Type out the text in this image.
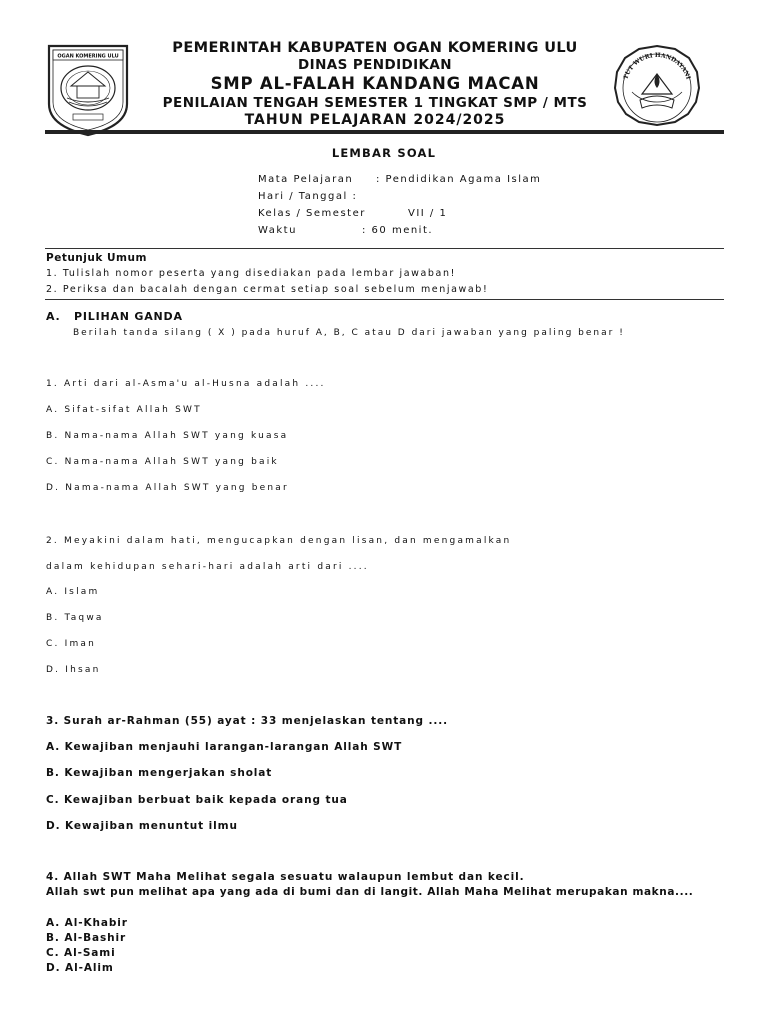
OGAN KOMERING ULU
PEMERINTAH KABUPATEN OGAN KOMERING ULU
DINAS PENDIDIKAN
SMP AL-FALAH KANDANG MACAN
PENILAIAN TENGAH SEMESTER 1 TINGKAT SMP / MTS
TAHUN PELAJARAN 2024/2025
TUT WURI HANDAYANI
LEMBAR SOAL
Mata Pelajaran : Pendidikan Agama Islam
Hari / Tanggal :
Kelas / Semester	VII / 1
Waktu	: 60 menit.
Petunjuk Umum
1. Tulislah nomor peserta yang disediakan pada lembar jawaban!
2. Periksa dan bacalah dengan cermat setiap soal sebelum menjawab!
A. PILIHAN GANDA
Berilah tanda silang ( X ) pada huruf A, B, C atau D dari jawaban yang paling benar !
1. Arti dari al-Asma'u al-Husna adalah ....
A. Sifat-sifat Allah SWT
B. Nama-nama Allah SWT yang kuasa
C. Nama-nama Allah SWT yang baik
D. Nama-nama Allah SWT yang benar
2. Meyakini dalam hati, mengucapkan dengan lisan, dan mengamalkan
dalam kehidupan sehari-hari adalah arti dari ....
A. Islam
B. Taqwa
C. Iman
D. Ihsan
3. Surah ar-Rahman (55) ayat : 33 menjelaskan tentang ....
A. Kewajiban menjauhi larangan-larangan Allah SWT
B. Kewajiban mengerjakan sholat
C. Kewajiban berbuat baik kepada orang tua
D. Kewajiban menuntut ilmu
4. Allah SWT Maha Melihat segala sesuatu walaupun lembut dan kecil.
Allah swt pun melihat apa yang ada di bumi dan di langit. Allah Maha Melihat merupakan makna....
A. Al-Khabir
B. Al-Bashir
C. Al-Sami
D. Al-Alim
